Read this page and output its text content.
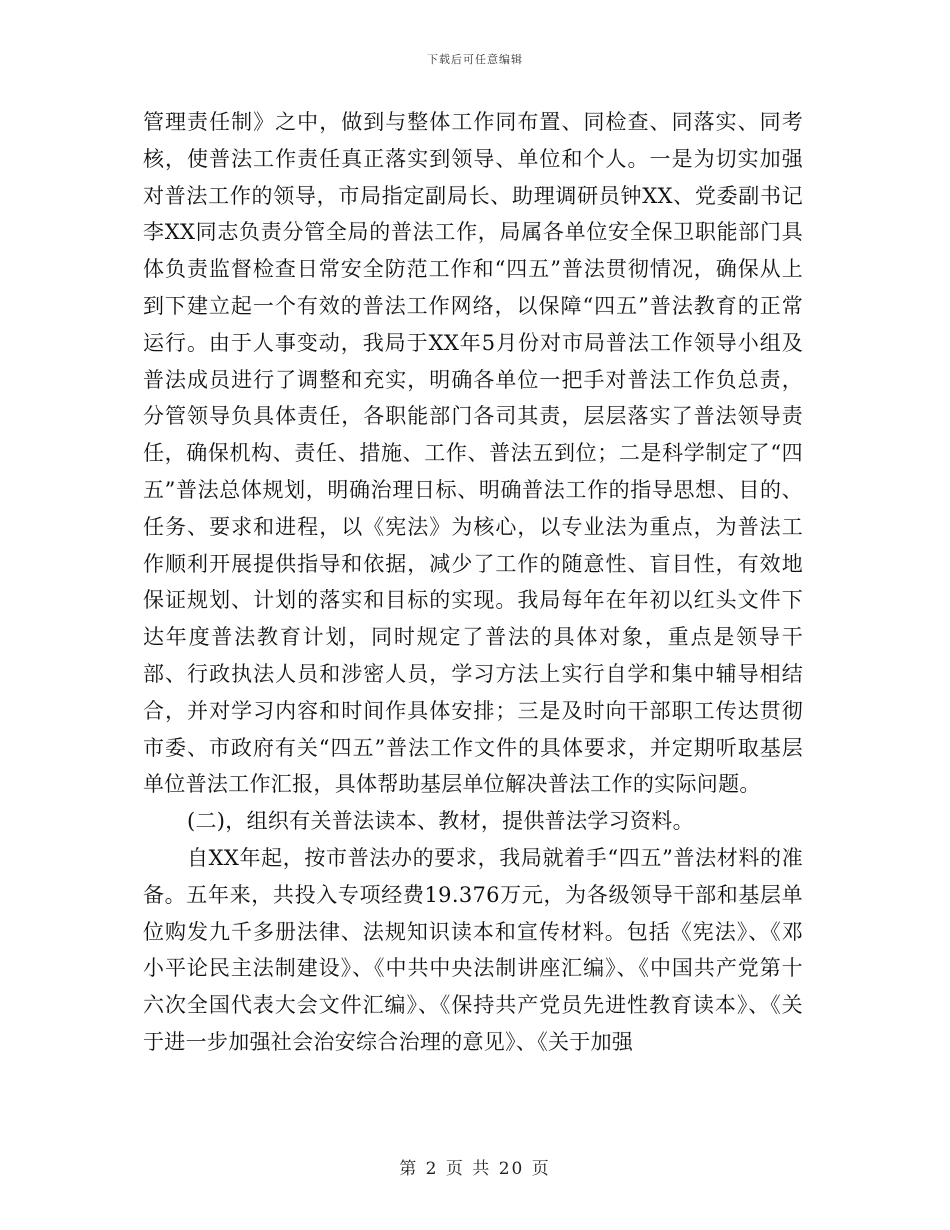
下载后可任意编辑

管理责任制》之中，做到与整体工作同布置、同检查、同落实、同考核，使普法工作责任真正落实到领导、单位和个人。一是为切实加强对普法工作的领导，市局指定副局长、助理调研员钟XX、党委副书记李XX同志负责分管全局的普法工作，局属各单位安全保卫职能部门具体负责监督检查日常安全防范工作和“四五”普法贯彻情况，确保从上到下建立起一个有效的普法工作网络，以保障“四五”普法教育的正常运行。由于人事变动，我局于XX年5月份对市局普法工作领导小组及普法成员进行了调整和充实，明确各单位一把手对普法工作负总责，分管领导负具体责任，各职能部门各司其责，层层落实了普法领导责任，确保机构、责任、措施、工作、普法五到位；二是科学制定了“四五”普法总体规划，明确治理日标、明确普法工作的指导思想、目的、任务、要求和进程，以《宪法》为核心，以专业法为重点，为普法工作顺利开展提供指导和依据，减少了工作的随意性、盲目性，有效地保证规划、计划的落实和目标的实现。我局每年在年初以红头文件下达年度普法教育计划，同时规定了普法的具体对象，重点是领导干部、行政执法人员和涉密人员，学习方法上实行自学和集中辅导相结合，并对学习内容和时间作具体安排；三是及时向干部职工传达贯彻市委、市政府有关“四五”普法工作文件的具体要求，并定期听取基层单位普法工作汇报，具体帮助基层单位解决普法工作的实际问题。

(二)，组织有关普法读本、教材，提供普法学习资料。

自XX年起，按市普法办的要求，我局就着手“四五”普法材料的准备。五年来，共投入专项经费19.376万元，为各级领导干部和基层单位购发九千多册法律、法规知识读本和宣传材料。包括《宪法》、《邓小平论民主法制建设》、《中共中央法制讲座汇编》、《中国共产党第十六次全国代表大会文件汇编》、《保持共产党员先进性教育读本》、《关于进一步加强社会治安综合治理的意见》、《关于加强

第 2 页 共 20 页
